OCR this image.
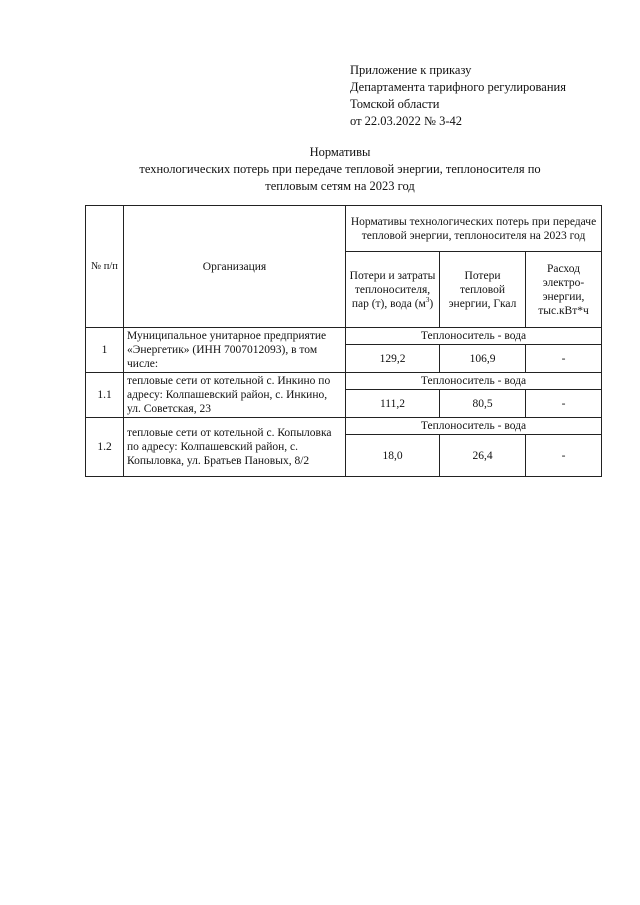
Приложение к приказу
Департамента тарифного регулирования
Томской области
от 22.03.2022 № 3-42
Нормативы
технологических потерь при передаче тепловой энергии, теплоносителя по
тепловым сетям на 2023 год
№ п/п	Организация	Нормативы технологических потерь при передаче тепловой энергии, теплоносителя на 2023 год		
		Потери и затраты теплоносителя, пар (т), вода $(м^3)$	Потери тепловой энергии, Гкал	Расход электро-энергии, тыс.кВт*ч
1	Муниципальное унитарное предприятие «Энергетик» (ИНН 7007012093), в том числе:	Теплоноситель - вода		
		129,2	106,9	-
1.1	тепловые сети от котельной с. Инкино по адресу: Колпашевский район, с. Инкино, ул. Советская, 23	Теплоноситель - вода		
		111,2	80,5	-
1.2	тепловые сети от котельной с. Копыловка по адресу: Колпашевский район, с. Копыловка, ул. Братьев Пановых, 8/2	Теплоноситель - вода		
		18,0	26,4	-
